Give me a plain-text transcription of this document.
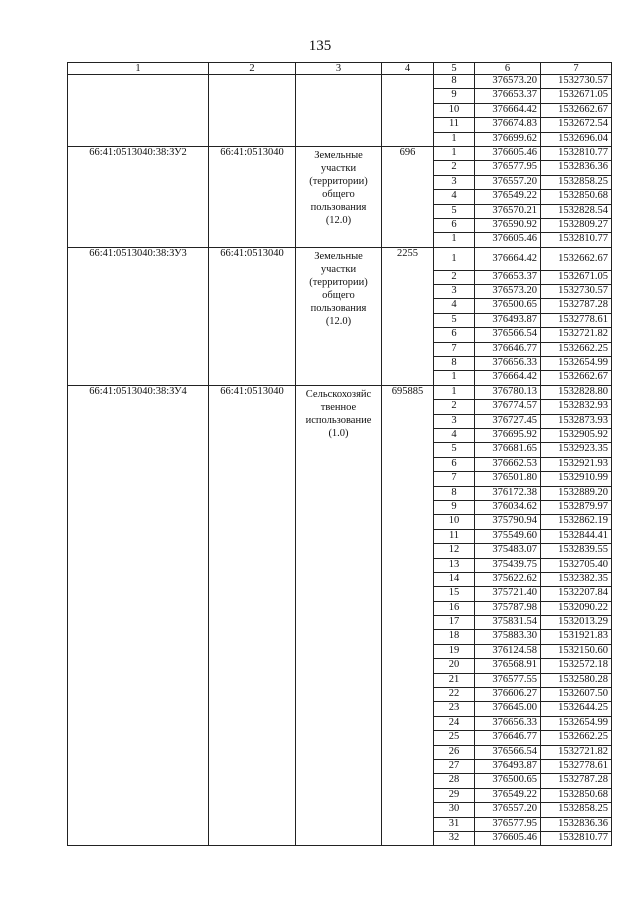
135
1	2	3	4	5	6	7
				8	376573.20	1532730.57
				9	376653.37	1532671.05
				10	376664.42	1532662.67
				11	376674.83	1532672.54
				1	376699.62	1532696.04
66:41:0513040:38:ЗУ2	66:41:0513040	Земельные участки (территории) общего пользования (12.0)	696	1	376605.46	1532810.77
				2	376577.95	1532836.36
				3	376557.20	1532858.25
				4	376549.22	1532850.68
				5	376570.21	1532828.54
				6	376590.92	1532809.27
				1	376605.46	1532810.77
66:41:0513040:38:ЗУ3	66:41:0513040	Земельные участки (территории) общего пользования (12.0)	2255	1	376664.42	1532662.67
				2	376653.37	1532671.05
				3	376573.20	1532730.57
				4	376500.65	1532787.28
				5	376493.87	1532778.61
				6	376566.54	1532721.82
				7	376646.77	1532662.25
				8	376656.33	1532654.99
				1	376664.42	1532662.67
66:41:0513040:38:ЗУ4	66:41:0513040	Сельскохозяйс
твенное
использование
(1.0)	695885	1	376780.13	1532828.80
				2	376774.57	1532832.93
				3	376727.45	1532873.93
				4	376695.92	1532905.92
				5	376681.65	1532923.35
				6	376662.53	1532921.93
				7	376501.80	1532910.99
				8	376172.38	1532889.20
				9	376034.62	1532879.97
				10	375790.94	1532862.19
				11	375549.60	1532844.41
				12	375483.07	1532839.55
				13	375439.75	1532705.40
				14	375622.62	1532382.35
				15	375721.40	1532207.84
				16	375787.98	1532090.22
				17	375831.54	1532013.29
				18	375883.30	1531921.83
				19	376124.58	1532150.60
				20	376568.91	1532572.18
				21	376577.55	1532580.28
				22	376606.27	1532607.50
				23	376645.00	1532644.25
				24	376656.33	1532654.99
				25	376646.77	1532662.25
				26	376566.54	1532721.82
				27	376493.87	1532778.61
				28	376500.65	1532787.28
				29	376549.22	1532850.68
				30	376557.20	1532858.25
				31	376577.95	1532836.36
				32	376605.46	1532810.77
